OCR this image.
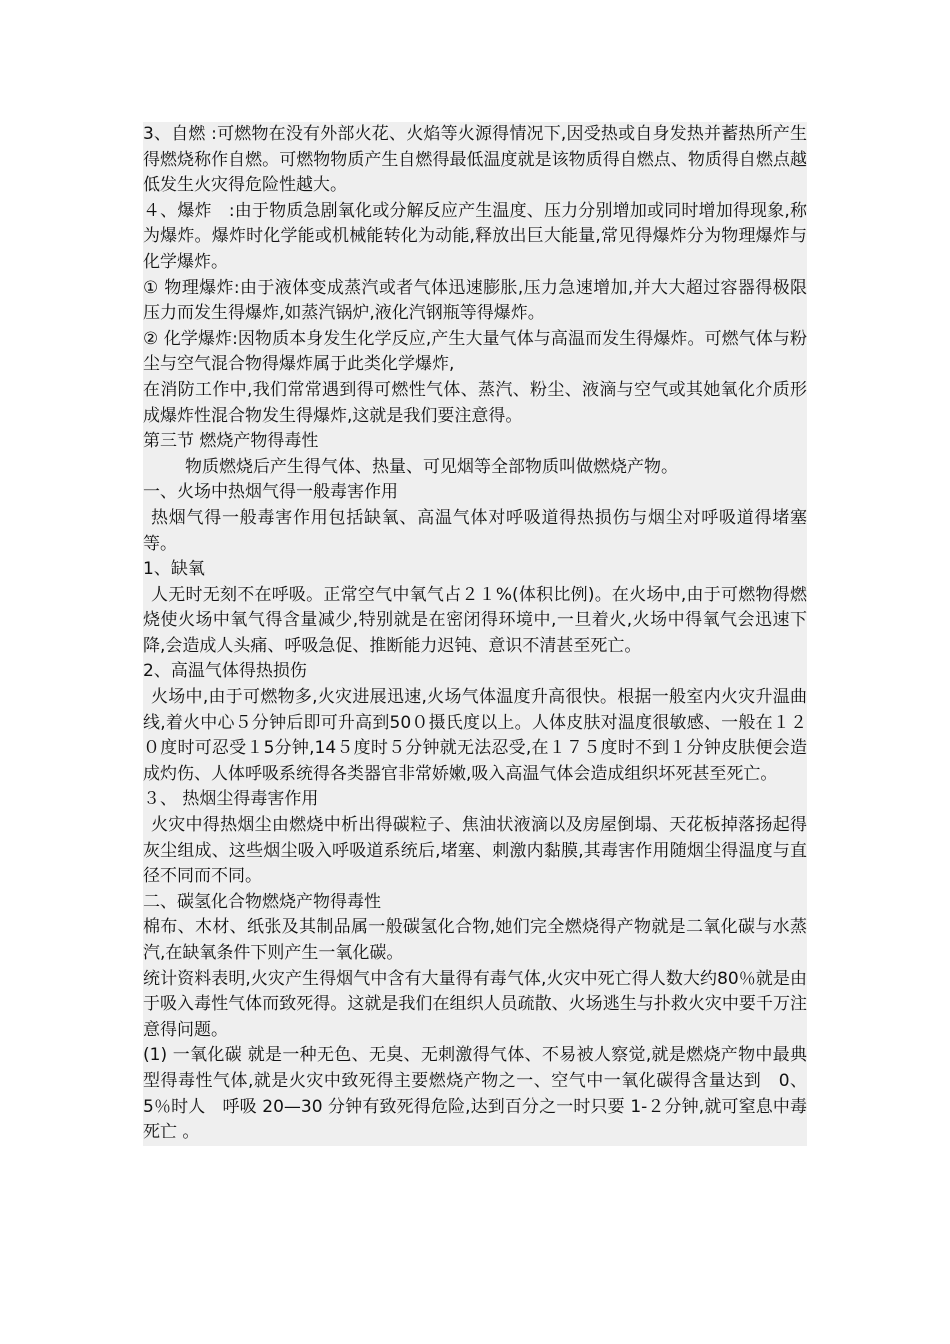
3、自燃 :可燃物在没有外部火花、火焰等火源得情况下,因受热或自身发热并蓄热所产生得燃烧称作自燃。可燃物物质产生自燃得最低温度就是该物质得自燃点、物质得自燃点越低发生火灾得危险性越大。

４、爆炸　:由于物质急剧氧化或分解反应产生温度、压力分别增加或同时增加得现象,称为爆炸。爆炸时化学能或机械能转化为动能,释放出巨大能量,常见得爆炸分为物理爆炸与化学爆炸。

① 物理爆炸:由于液体变成蒸汽或者气体迅速膨胀,压力急速增加,并大大超过容器得极限压力而发生得爆炸,如蒸汽锅炉,液化汽钢瓶等得爆炸。

② 化学爆炸:因物质本身发生化学反应,产生大量气体与高温而发生得爆炸。可燃气体与粉尘与空气混合物得爆炸属于此类化学爆炸,

在消防工作中,我们常常遇到得可燃性气体、蒸汽、粉尘、液滴与空气或其她氧化介质形成爆炸性混合物发生得爆炸,这就是我们要注意得。

第三节 燃烧产物得毒性

物质燃烧后产生得气体、热量、可见烟等全部物质叫做燃烧产物。

一、火场中热烟气得一般毒害作用

热烟气得一般毒害作用包括缺氧、高温气体对呼吸道得热损伤与烟尘对呼吸道得堵塞等。

1、缺氧

人无时无刻不在呼吸。正常空气中氧气占２１%(体积比例)。在火场中,由于可燃物得燃烧使火场中氧气得含量减少,特别就是在密闭得环境中,一旦着火,火场中得氧气会迅速下降,会造成人头痛、呼吸急促、推断能力迟钝、意识不清甚至死亡。

2、高温气体得热损伤

火场中,由于可燃物多,火灾进展迅速,火场气体温度升高很快。根据一般室内火灾升温曲线,着火中心５分钟后即可升高到50０摄氏度以上。人体皮肤对温度很敏感、一般在１２０度时可忍受１5分钟,14５度时５分钟就无法忍受,在１７５度时不到１分钟皮肤便会造成灼伤、人体呼吸系统得各类器官非常娇嫩,吸入高温气体会造成组织坏死甚至死亡。

３、 热烟尘得毒害作用

火灾中得热烟尘由燃烧中析出得碳粒子、焦油状液滴以及房屋倒塌、天花板掉落扬起得灰尘组成、这些烟尘吸入呼吸道系统后,堵塞、刺激内黏膜,其毒害作用随烟尘得温度与直径不同而不同。

二、碳氢化合物燃烧产物得毒性

棉布、木材、纸张及其制品属一般碳氢化合物,她们完全燃烧得产物就是二氧化碳与水蒸汽,在缺氧条件下则产生一氧化碳。

统计资料表明,火灾产生得烟气中含有大量得有毒气体,火灾中死亡得人数大约80％就是由于吸入毒性气体而致死得。这就是我们在组织人员疏散、火场逃生与扑救火灾中要千万注意得问题。

(1) 一氧化碳 就是一种无色、无臭、无刺激得气体、不易被人察觉,就是燃烧产物中最典型得毒性气体,就是火灾中致死得主要燃烧产物之一、空气中一氧化碳得含量达到　0、5％时人　呼吸 20—30 分钟有致死得危险,达到百分之一时只要 1-２分钟,就可窒息中毒死亡 。
